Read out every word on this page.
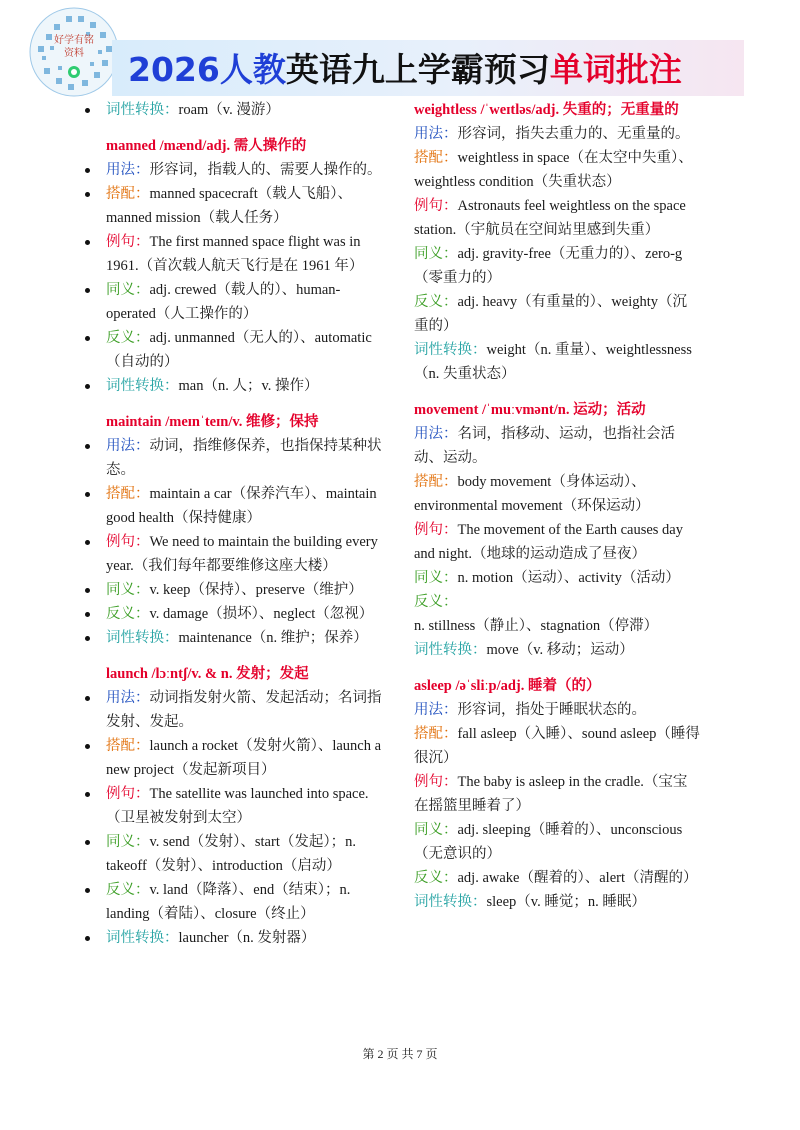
好学有铭
资料	2026人教英语九上学霸预习单词批注
词性转换：roam（v. 漫游）
manned /mænd/adj. 需人操作的
用法：形容词，指载人的、需要人操作的。
搭配：manned spacecraft（载人飞船）、manned mission（载人任务）
例句：The first manned space flight was in 1961.（首次载人航天飞行是在 1961 年）
同义：adj. crewed（载人的）、human-operated（人工操作的）
反义：adj. unmanned（无人的）、automatic（自动的）
词性转换：man（n. 人；v. 操作）
maintain /meɪnˈteɪn/v. 维修；保持
用法：动词，指维修保养，也指保持某种状态。
搭配：maintain a car（保养汽车）、maintain good health（保持健康）
例句：We need to maintain the building every year.（我们每年都要维修这座大楼）
同义：v. keep（保持）、preserve（维护）
反义：v. damage（损坏）、neglect（忽视）
词性转换：maintenance（n. 维护；保养）
launch /lɔːntʃ/v. & n. 发射；发起
用法：动词指发射火箭、发起活动；名词指发射、发起。
搭配：launch a rocket（发射火箭）、launch a new project（发起新项目）
例句：The satellite was launched into space.（卫星被发射到太空）
同义：v. send（发射）、start（发起）；n. takeoff（发射）、introduction（启动）
反义：v. land（降落）、end（结束）；n. landing（着陆）、closure（终止）
词性转换：launcher（n. 发射器）
weightless /ˈweɪtləs/adj. 失重的；无重量的
用法：形容词，指失去重力的、无重量的。
搭配：weightless in space（在太空中失重）、weightless condition（失重状态）
例句：Astronauts feel weightless on the space station.（宇航员在空间站里感到失重）
同义：adj. gravity-free（无重力的）、zero-g（零重力的）
反义：adj. heavy（有重量的）、weighty（沉重的）
词性转换：weight（n. 重量）、weightlessness（n. 失重状态）
movement /ˈmuːvmənt/n. 运动；活动
用法：名词，指移动、运动，也指社会活动、运动。
搭配：body movement（身体运动）、environmental movement（环保运动）
例句：The movement of the Earth causes day and night.（地球的运动造成了昼夜）
同义：n. motion（运动）、activity（活动）
反义：n. stillness（静止）、stagnation（停滞）
词性转换：move（v. 移动；运动）
asleep /əˈsliːp/adj. 睡着（的）
用法：形容词，指处于睡眠状态的。
搭配：fall asleep（入睡）、sound asleep（睡得很沉）
例句：The baby is asleep in the cradle.（宝宝在摇篮里睡着了）
同义：adj. sleeping（睡着的）、unconscious（无意识的）
反义：adj. awake（醒着的）、alert（清醒的）
词性转换：sleep（v. 睡觉；n. 睡眠）
第 2 页 共 7 页
